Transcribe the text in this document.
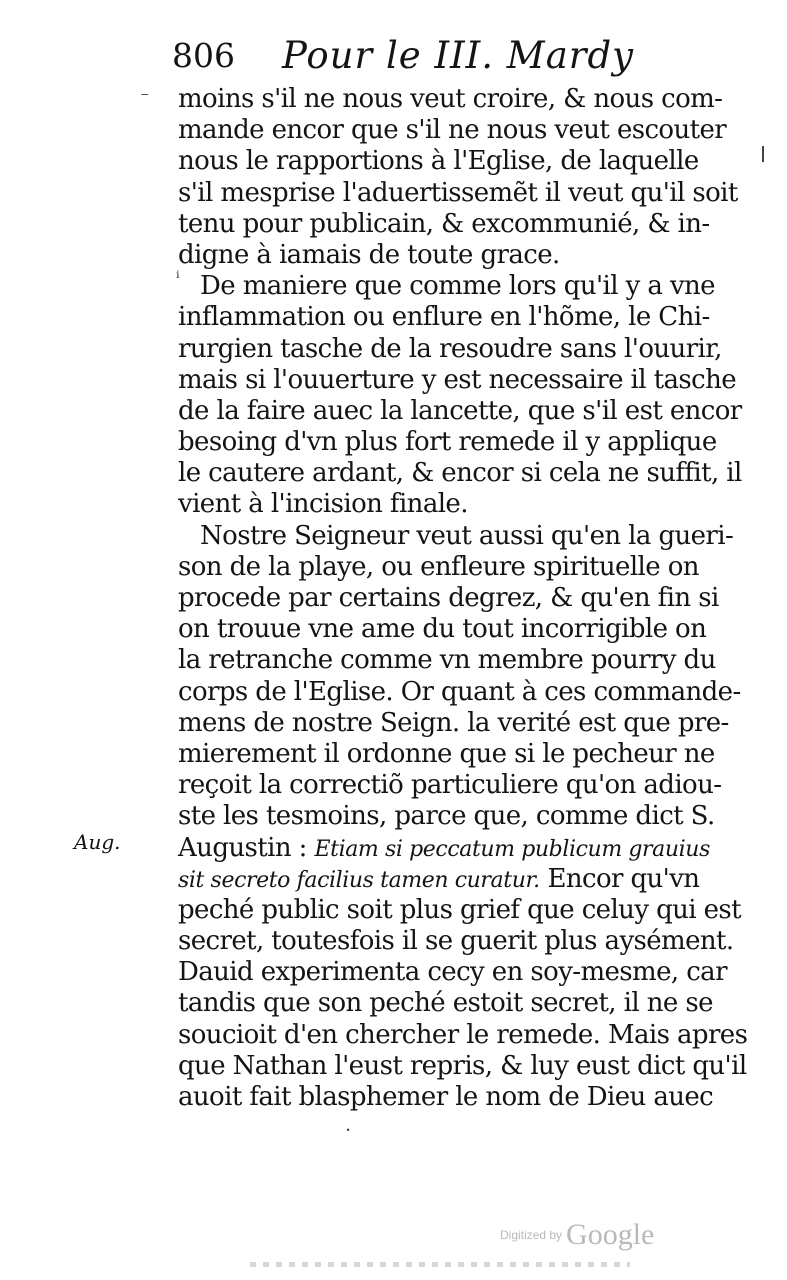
806 Pour le III. Mardy
⁻
ᵢ
moins s'il ne nous veut croire, & nous com-
mande encor que s'il ne nous veut escouter
nous le rapportions à l'Eglise, de laquelle
s'il mesprise l'aduertissemẽt il veut qu'il soit
tenu pour publicain, & excommunié, & in-
digne à iamais de toute grace.
De maniere que comme lors qu'il y a vne
inflammation ou enflure en l'hõme, le Chi-
rurgien tasche de la resoudre sans l'ouurir,
mais si l'ouuerture y est necessaire il tasche
de la faire auec la lancette, que s'il est encor
besoing d'vn plus fort remede il y applique
le cautere ardant, & encor si cela ne suffit, il
vient à l'incision finale.
Nostre Seigneur veut aussi qu'en la gueri-
son de la playe, ou enfleure spirituelle on
procede par certains degrez, & qu'en fin si
on trouue vne ame du tout incorrigible on
la retranche comme vn membre pourry du
corps de l'Eglise. Or quant à ces commande-
mens de nostre Seign. la verité est que pre-
mierement il ordonne que si le pecheur ne
reçoit la correctiõ particuliere qu'on adiou-
ste les tesmoins, parce que, comme dict S.
Augustin : Etiam si peccatum publicum grauius
sit secreto facilius tamen curatur. Encor qu'vn
peché public soit plus grief que celuy qui est
secret, toutesfois il se guerit plus aysément.
Dauid experimenta cecy en soy-mesme, car
tandis que son peché estoit secret, il ne se
soucioit d'en chercher le remede. Mais apres
que Nathan l'eust repris, & luy eust dict qu'il
auoit fait blasphemer le nom de Dieu auec
Aug.
⋅
Digitized by Google
